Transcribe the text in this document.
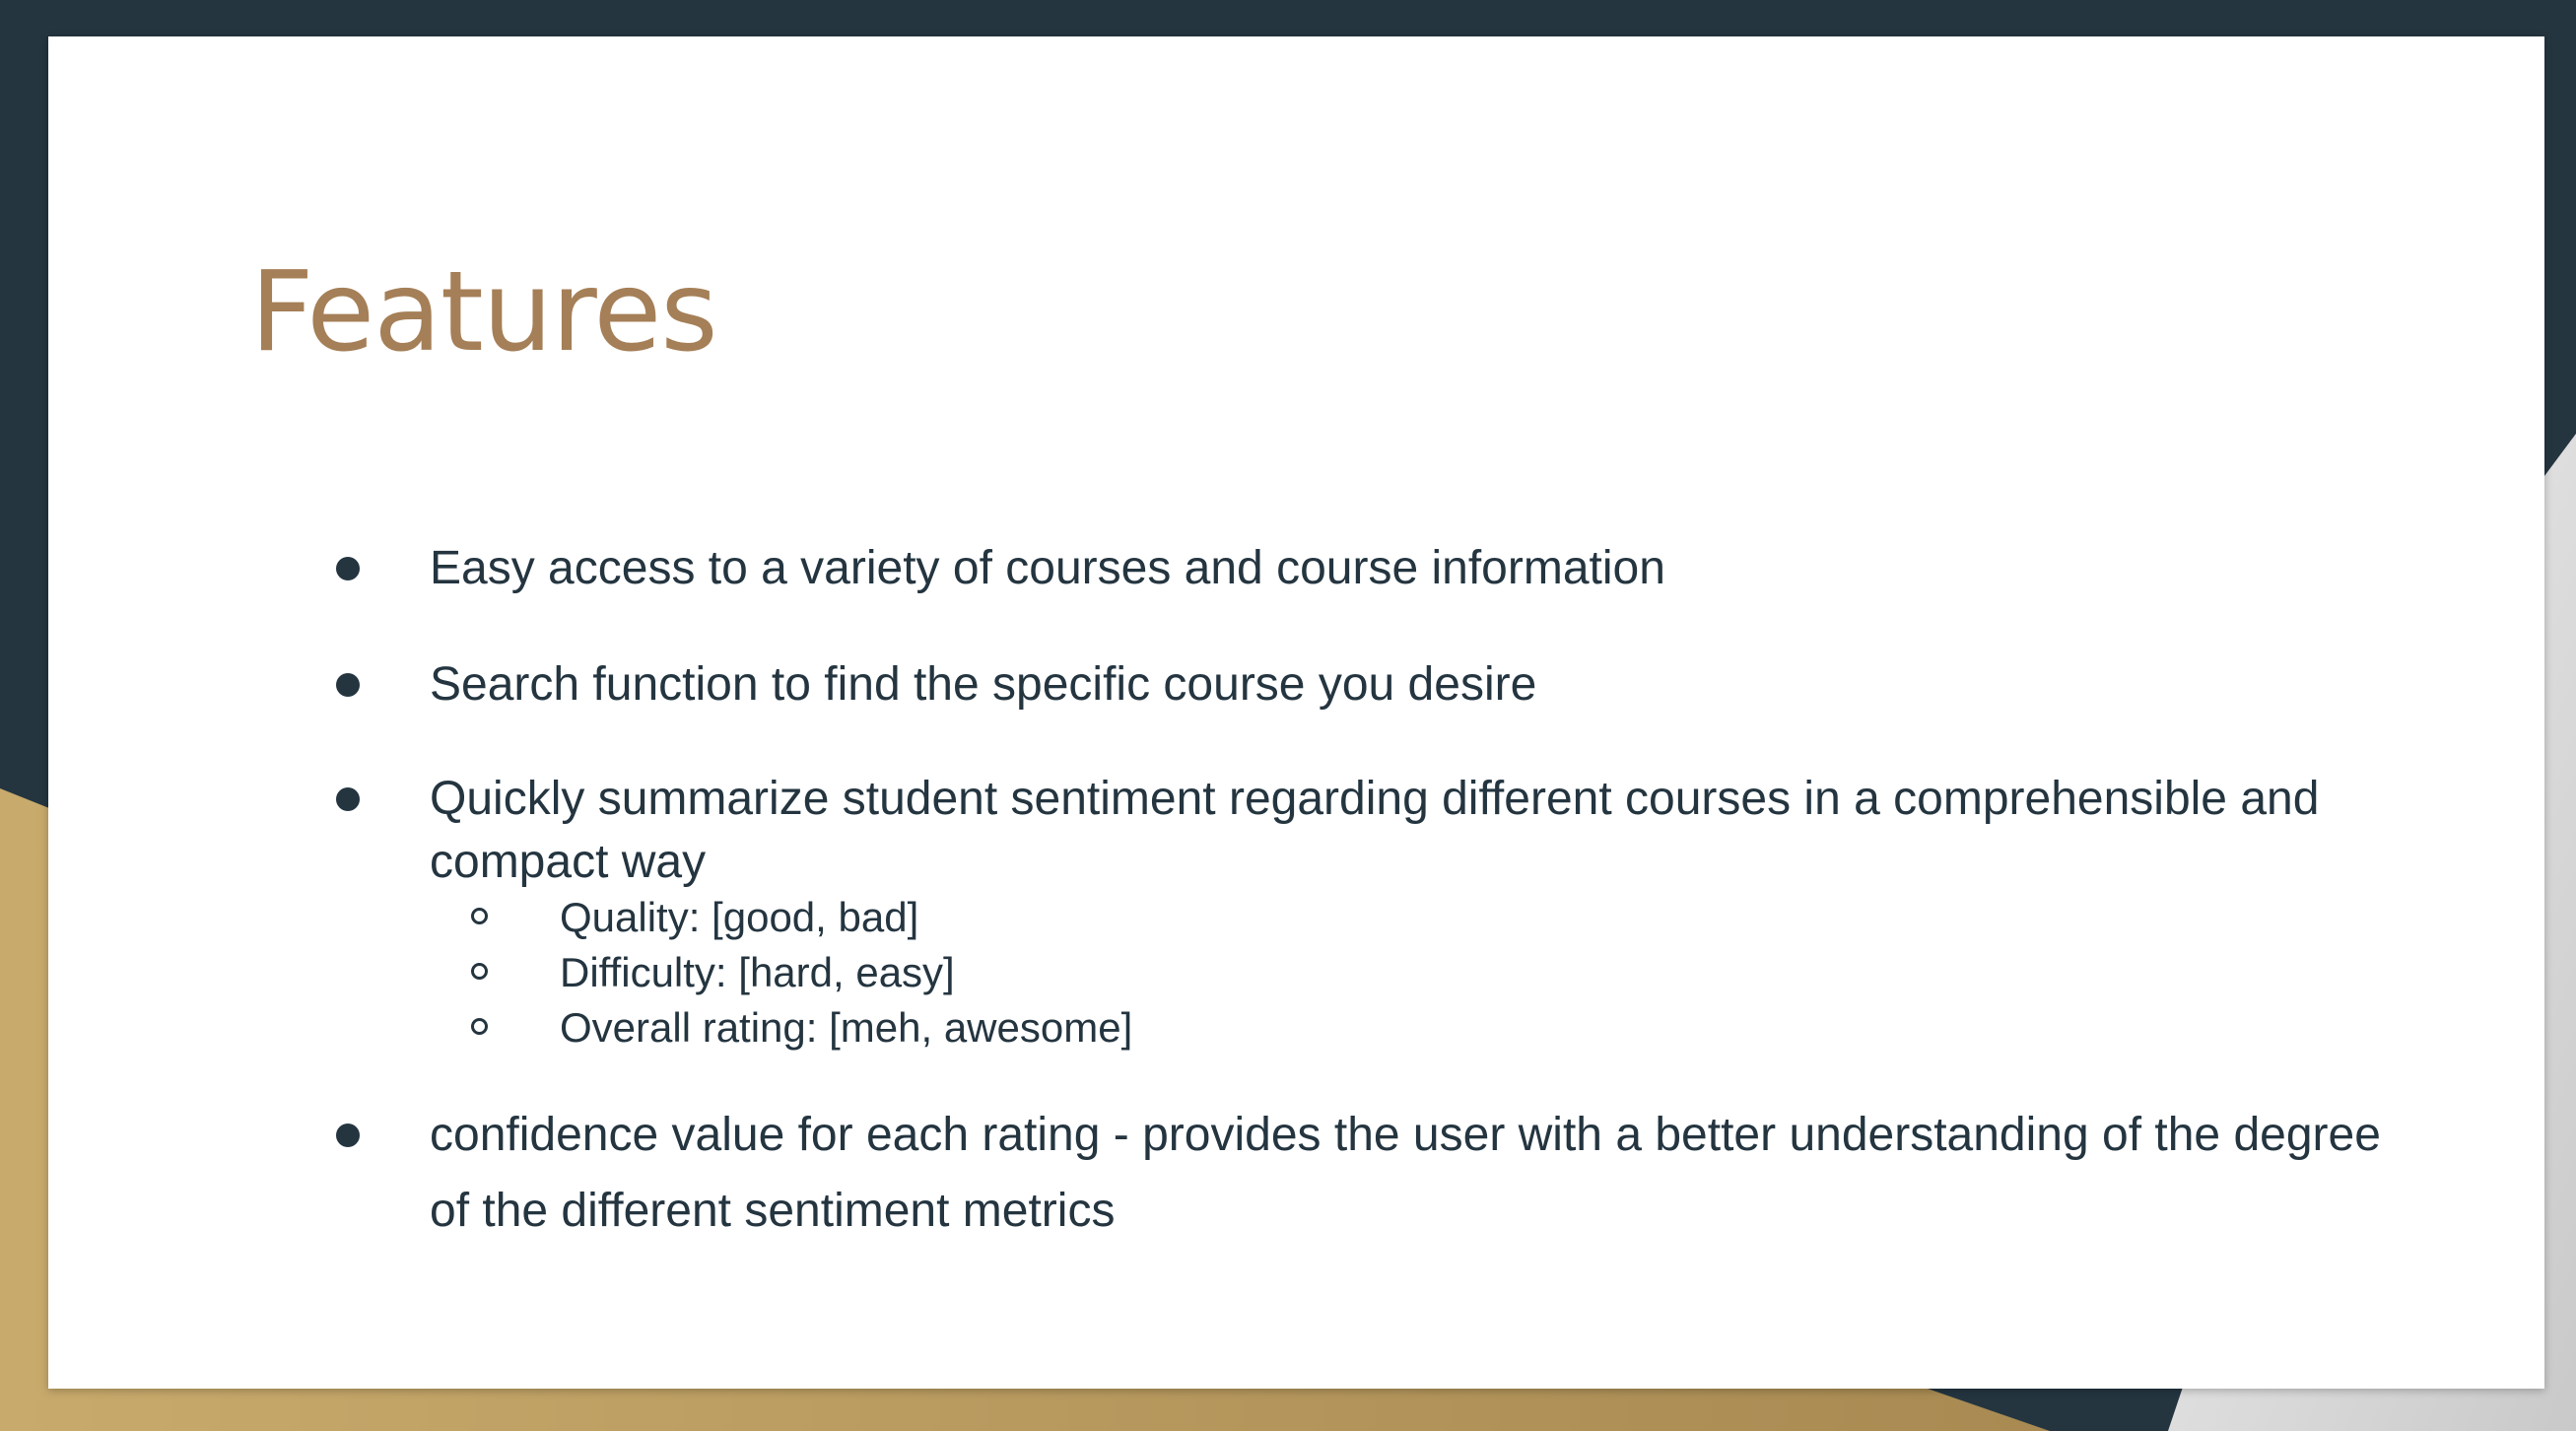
Features
Easy access to a variety of courses and course information
Search function to find the specific course you desire
Quickly summarize student sentiment regarding different courses in a comprehensible and compact way
Quality: [good, bad]
Difficulty: [hard, easy]
Overall rating: [meh, awesome]
confidence value for each rating - provides the user with a better understanding of the degree of the different sentiment metrics
